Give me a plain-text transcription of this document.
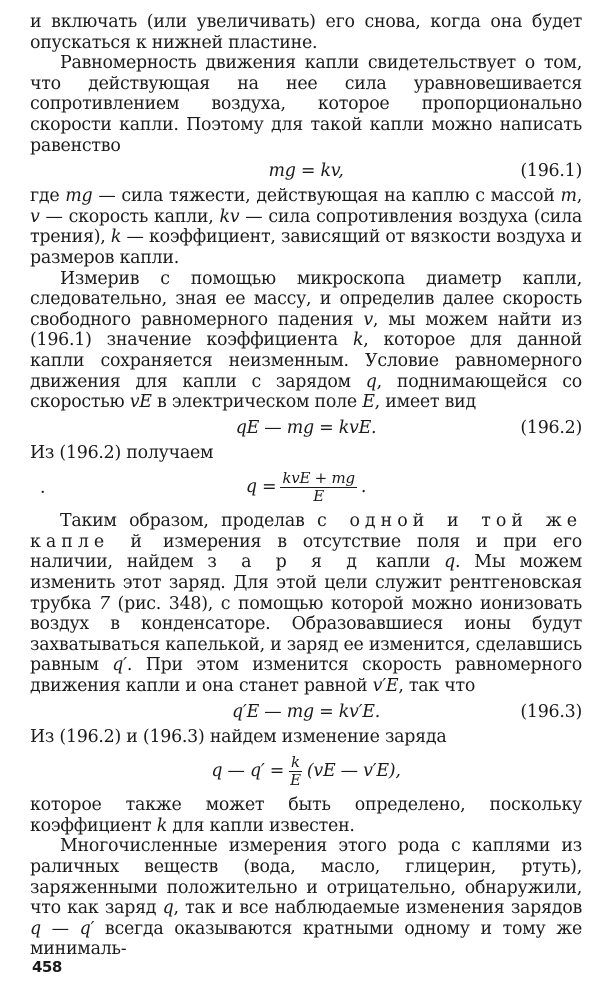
и включать (или увеличивать) его снова, когда она будет опускаться к нижней пластине.

Равномерность движения капли свидетельствует о том, что действующая на нее сила уравновешивается сопротивлением воздуха, которое пропорционально скорости капли. Поэтому для такой капли можно написать равенство

mg = kv,	(196.1)

где mg — сила тяжести, действующая на каплю с массой m, v — скорость капли, kv — сила сопротивления воздуха (сила трения), k — коэффициент, зависящий от вязкости воздуха и размеров капли.

Измерив с помощью микроскопа диаметр капли, следовательно, зная ее массу, и определив далее скорость свободного равномерного падения v, мы можем найти из (196.1) значение коэффициента k, которое для данной капли сохраняется неизменным. Условие равномерного движения для капли с зарядом q, поднимающейся со скоростью vE в электрическом поле E, имеет вид

qE — mg = kvE.	(196.2)

Из (196.2) получаем

·	$q = \frac{\text{kvE + mg}}{E}$ .

Таким образом, проделав с одной и той же капле й измерения в отсутствие поля и при его наличии, найдем з а р я д капли q. Мы можем изменить этот заряд. Для этой цели служит рентгеновская трубка 7 (рис. 348), с помощью которой можно ионизовать воздух в конденсаторе. Образовавшиеся ионы будут захватываться капелькой, и заряд ее изменится, сделавшись равным q′. При этом изменится скорость равномерного движения капли и она станет равной v′E, так что

q′E — mg = kv′E.	(196.3)

Из (196.2) и (196.3) найдем изменение заряда

q — $q' = \frac{k}{E} (vE$ — v′E),

которое также может быть определено, поскольку коэффициент k для капли известен.

Многочисленные измерения этого рода с каплями из раличных веществ (вода, масло, глицерин, ртуть), заряженными положительно и отрицательно, обнаружили, что как заряд q, так и все наблюдаемые изменения зарядов q — q′ всегда оказываются кратными одному и тому же минималь-

458
